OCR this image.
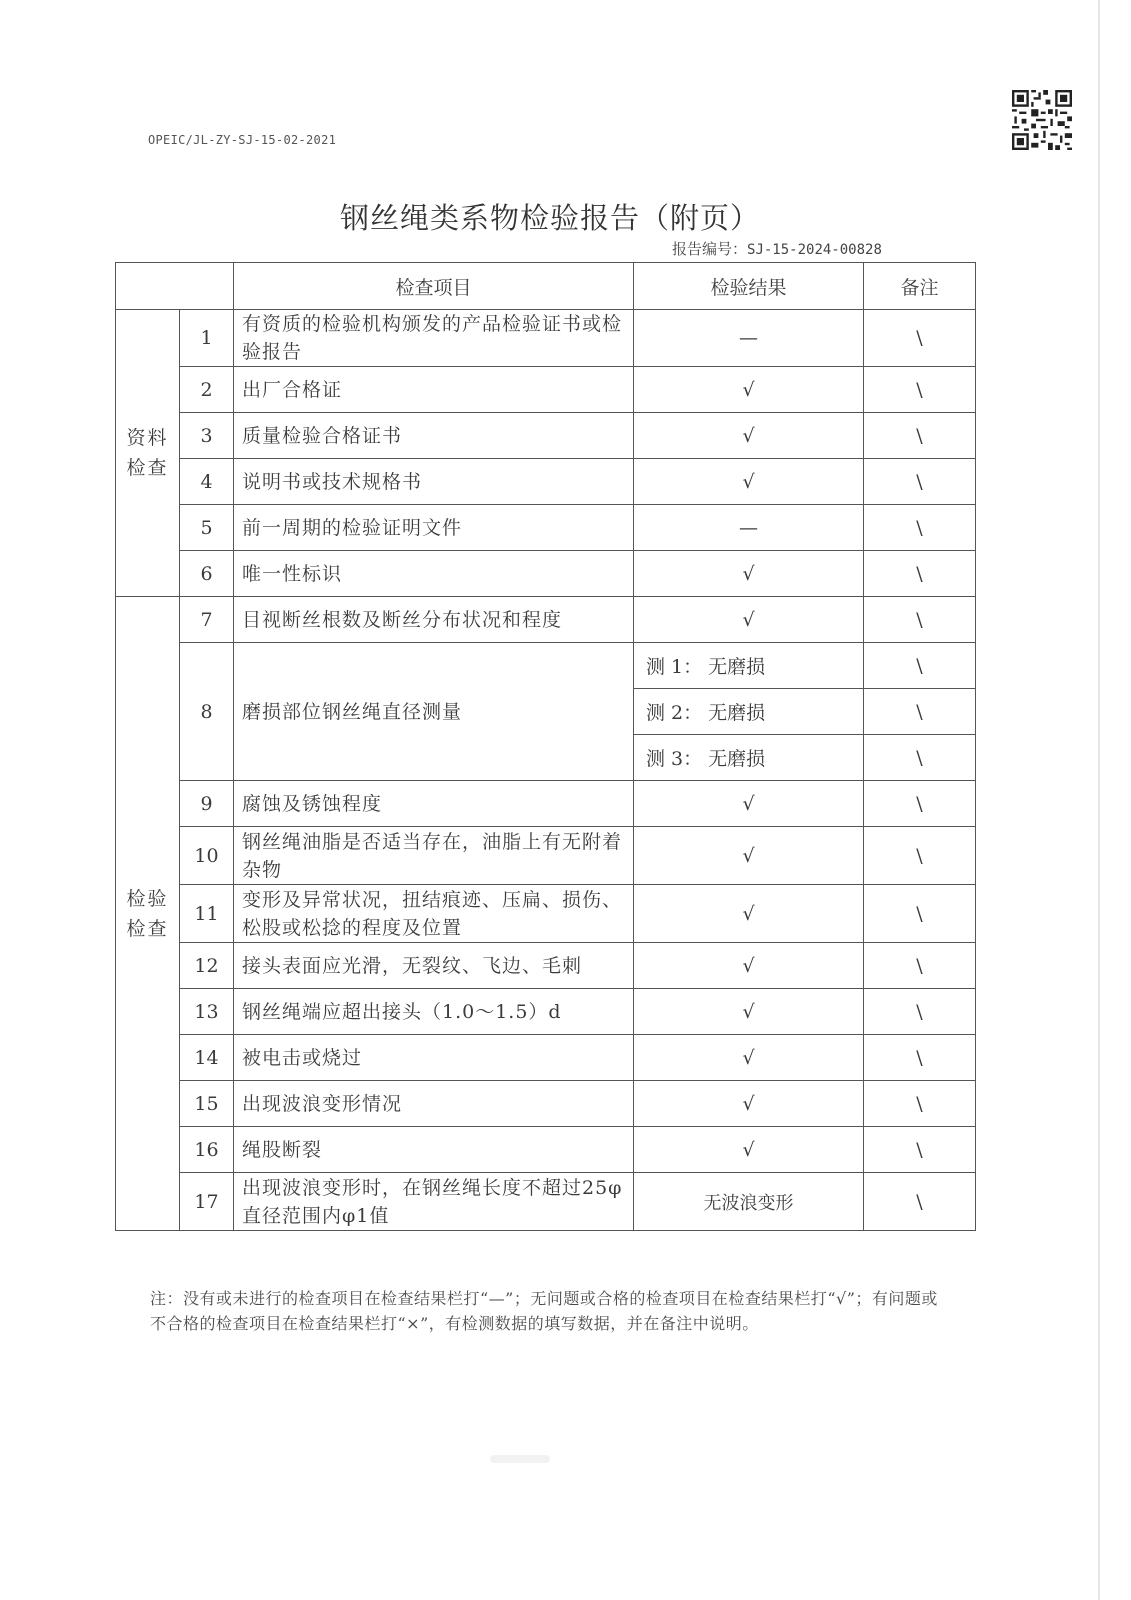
OPEIC/JL-ZY-SJ-15-02-2021
钢丝绳类系物检验报告（附页）
报告编号：SJ-15-2024-00828
		检查项目	检验结果	备注

资料检查	1	有资质的检验机构颁发的产品检验证书或检验报告	—	\
	2	出厂合格证	√	\
	3	质量检验合格证书	√	\
	4	说明书或技术规格书	√	\
	5	前一周期的检验证明文件	—	\
	6	唯一性标识	√	\

检验检查	7	目视断丝根数及断丝分布状况和程度	√	\
	8	磨损部位钢丝绳直径测量	测 1： 无磨损	\
			测 2： 无磨损	\
			测 3： 无磨损	\
	9	腐蚀及锈蚀程度	√	\
	10	钢丝绳油脂是否适当存在，油脂上有无附着杂物	√	\
	11	变形及异常状况，扭结痕迹、压扁、损伤、松股或松捻的程度及位置	√	\
	12	接头表面应光滑，无裂纹、飞边、毛刺	√	\
	13	钢丝绳端应超出接头（1.0～1.5）d	√	\
	14	被电击或烧过	√	\
	15	出现波浪变形情况	√	\
	16	绳股断裂	√	\
	17	出现波浪变形时，在钢丝绳长度不超过25φ直径范围内φ1值	无波浪变形	\
注：没有或未进行的检查项目在检查结果栏打“—”；无问题或合格的检查项目在检查结果栏打“√”；有问题或不合格的检查项目在检查结果栏打“×”，有检测数据的填写数据，并在备注中说明。
